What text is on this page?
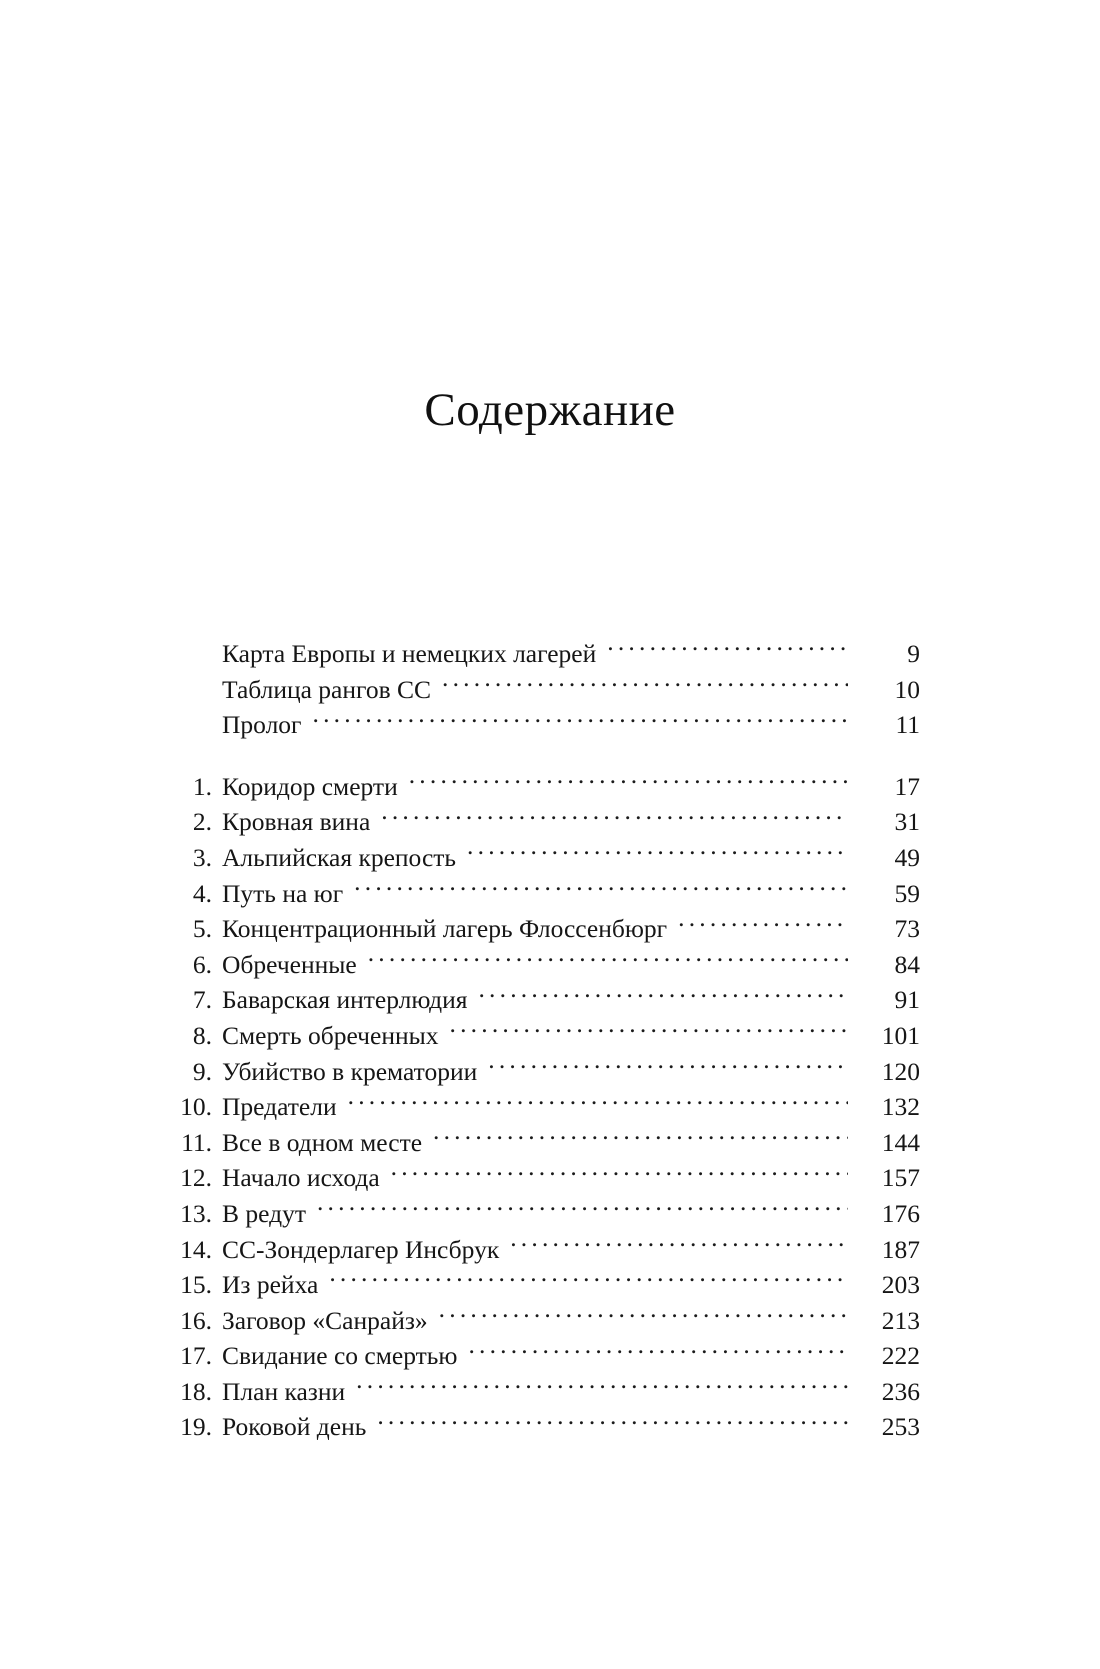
Содержание
Карта Европы и немецких лагерей .....	9
Таблица рангов СС .....	10
Пролог .....	11
1. Коридор смерти .....	17
2. Кровная вина .....	31
3. Альпийская крепость .....	49
4. Путь на юг .....	59
5. Концентрационный лагерь Флоссенбюрг .....	73
6. Обреченные .....	84
7. Баварская интерлюдия .....	91
8. Смерть обреченных .....	101
9. Убийство в крематории .....	120
10. Предатели .....	132
11. Все в одном месте .....	144
12. Начало исхода .....	157
13. В редут .....	176
14. СС-Зондерлагер Инсбрук .....	187
15. Из рейха .....	203
16. Заговор «Санрайз» .....	213
17. Свидание со смертью .....	222
18. План казни .....	236
19. Роковой день .....	253
